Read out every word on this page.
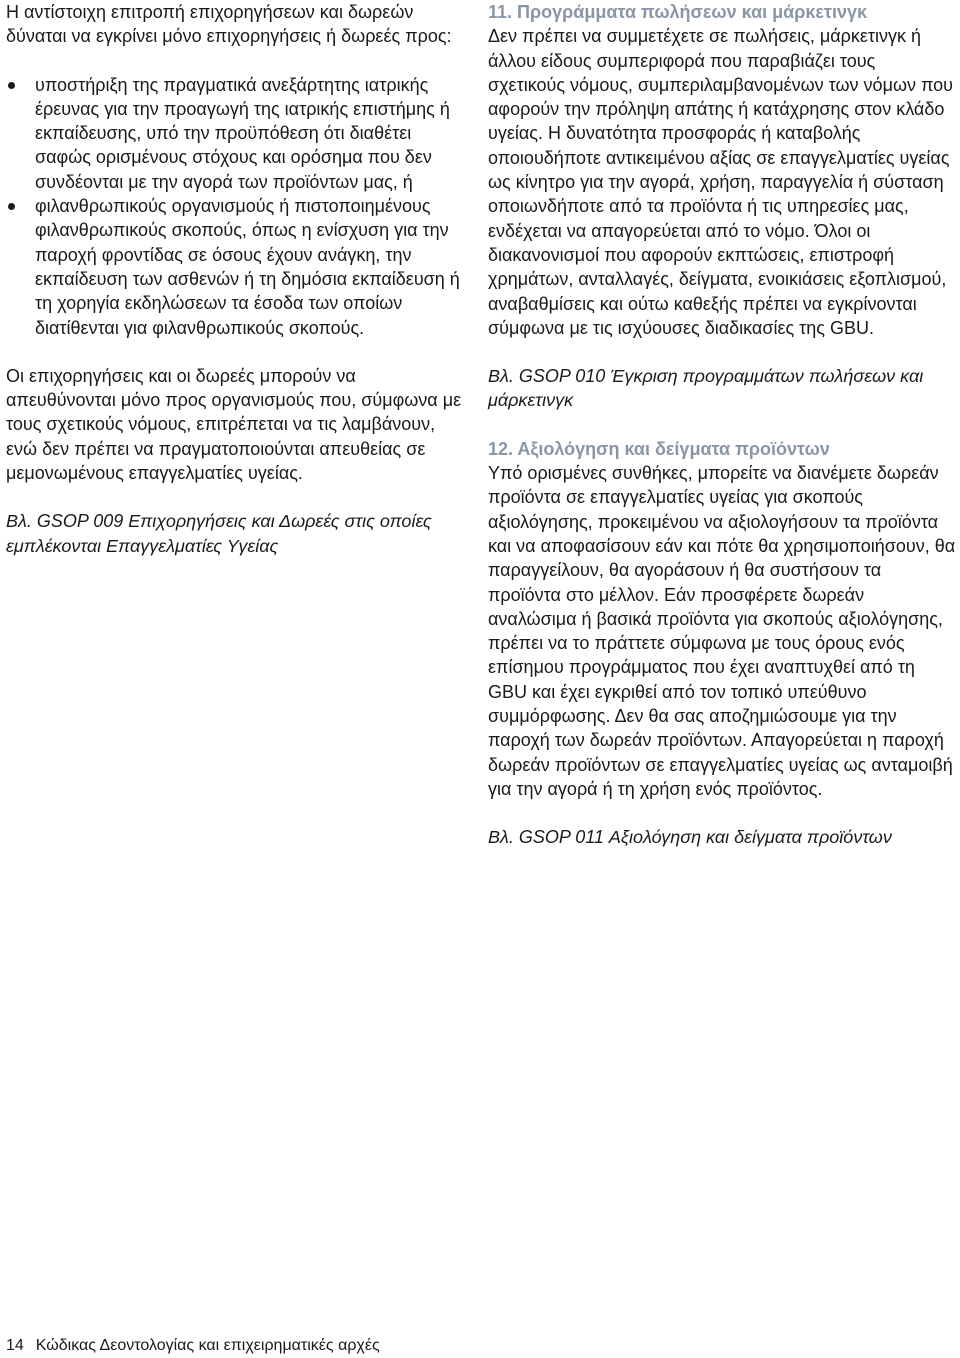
Η αντίστοιχη επιτροπή επιχορηγήσεων και δωρεών δύναται να εγκρίνει μόνο επιχορηγήσεις ή δωρεές προς:

υποστήριξη της πραγματικά ανεξάρτητης ιατρικής έρευνας για την προαγωγή της ιατρικής επιστήμης ή εκπαίδευσης, υπό την προϋπόθεση ότι διαθέτει σαφώς ορισμένους στόχους και ορόσημα που δεν συνδέονται με την αγορά των προϊόντων μας, ή
φιλανθρωπικούς οργανισμούς ή πιστοποιημένους φιλανθρωπικούς σκοπούς, όπως η ενίσχυση για την παροχή φροντίδας σε όσους έχουν ανάγκη, την εκπαίδευση των ασθενών ή τη δημόσια εκπαίδευση ή τη χορηγία εκδηλώσεων τα έσοδα των οποίων διατίθενται για φιλανθρωπικούς σκοπούς.

Οι επιχορηγήσεις και οι δωρεές μπορούν να απευθύνονται μόνο προς οργανισμούς που, σύμφωνα με τους σχετικούς νόμους, επιτρέπεται να τις λαμβάνουν, ενώ δεν πρέπει να πραγματοποιούνται απευθείας σε μεμονωμένους επαγγελματίες υγείας.

Βλ. GSOP 009 Επιχορηγήσεις και Δωρεές στις οποίες εμπλέκονται Επαγγελματίες Υγείας

11. Προγράμματα πωλήσεων και μάρκετινγκ

Δεν πρέπει να συμμετέχετε σε πωλήσεις, μάρκετινγκ ή άλλου είδους συμπεριφορά που παραβιάζει τους σχετικούς νόμους, συμπεριλαμβανομένων των νόμων που αφορούν την πρόληψη απάτης ή κατάχρησης στον κλάδο υγείας. Η δυνατότητα προσφοράς ή καταβολής οποιουδήποτε αντικειμένου αξίας σε επαγγελματίες υγείας ως κίνητρο για την αγορά, χρήση, παραγγελία ή σύσταση οποιωνδήποτε από τα προϊόντα ή τις υπηρεσίες μας, ενδέχεται να απαγορεύεται από το νόμο. Όλοι οι διακανονισμοί που αφορούν εκπτώσεις, επιστροφή χρημάτων, ανταλλαγές, δείγματα, ενοικιάσεις εξοπλισμού, αναβαθμίσεις και ούτω καθεξής πρέπει να εγκρίνονται σύμφωνα με τις ισχύουσες διαδικασίες της GBU.

Βλ. GSOP 010 Έγκριση προγραμμάτων πωλήσεων και μάρκετινγκ

12. Αξιολόγηση και δείγματα προϊόντων

Υπό ορισμένες συνθήκες, μπορείτε να διανέμετε δωρεάν προϊόντα σε επαγγελματίες υγείας για σκοπούς αξιολόγησης, προκειμένου να αξιολογήσουν τα προϊόντα και να αποφασίσουν εάν και πότε θα χρησιμοποιήσουν, θα παραγγείλουν, θα αγοράσουν ή θα συστήσουν τα προϊόντα στο μέλλον. Εάν προσφέρετε δωρεάν αναλώσιμα ή βασικά προϊόντα για σκοπούς αξιολόγησης, πρέπει να το πράττετε σύμφωνα με τους όρους ενός επίσημου προγράμματος που έχει αναπτυχθεί από τη GBU και έχει εγκριθεί από τον τοπικό υπεύθυνο συμμόρφωσης. Δεν θα σας αποζημιώσουμε για την παροχή των δωρεάν προϊόντων. Απαγορεύεται η παροχή δωρεάν προϊόντων σε επαγγελματίες υγείας ως ανταμοιβή για την αγορά ή τη χρήση ενός προϊόντος.

Βλ. GSOP 011 Αξιολόγηση και δείγματα προϊόντων

14 Κώδικας Δεοντολογίας και επιχειρηματικές αρχές
